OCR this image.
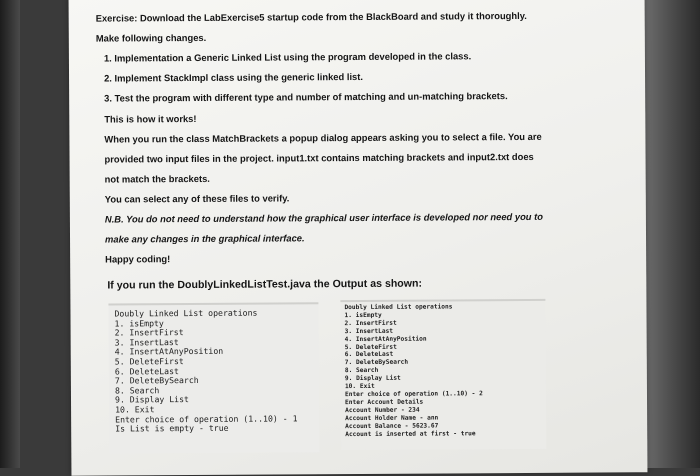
Exercise: Download the LabExercise5 startup code from the BlackBoard and study it thoroughly.
Make following changes.
1. Implementation a Generic Linked List using the program developed in the class.
2. Implement StackImpl class using the generic linked list.
3. Test the program with different type and number of matching and un-matching brackets.
This is how it works!
When you run the class MatchBrackets a popup dialog appears asking you to select a file. You are
provided two input files in the project. input1.txt contains matching brackets and input2.txt does
not match the brackets.
You can select any of these files to verify.
N.B. You do not need to understand how the graphical user interface is developed nor need you to
make any changes in the graphical interface.
Happy coding!
If you run the DoublyLinkedListTest.java the Output as shown:
Doubly Linked List operations
1. isEmpty
2. InsertFirst
3. InsertLast
4. InsertAtAnyPosition
5. DeleteFirst
6. DeleteLast
7. DeleteBySearch
8. Search
9. Display List
10. Exit
Enter choice of operation (1..10) - 1
Is List is empty - true
Doubly Linked List operations
1. isEmpty
2. InsertFirst
3. InsertLast
4. InsertAtAnyPosition
5. DeleteFirst
6. DeleteLast
7. DeleteBySearch
8. Search
9. Display List
10. Exit
Enter choice of operation (1..10) - 2
Enter Account Details
Account Number - 234
Account Holder Name - ann
Account Balance - 5623.67
Account is inserted at first - true
